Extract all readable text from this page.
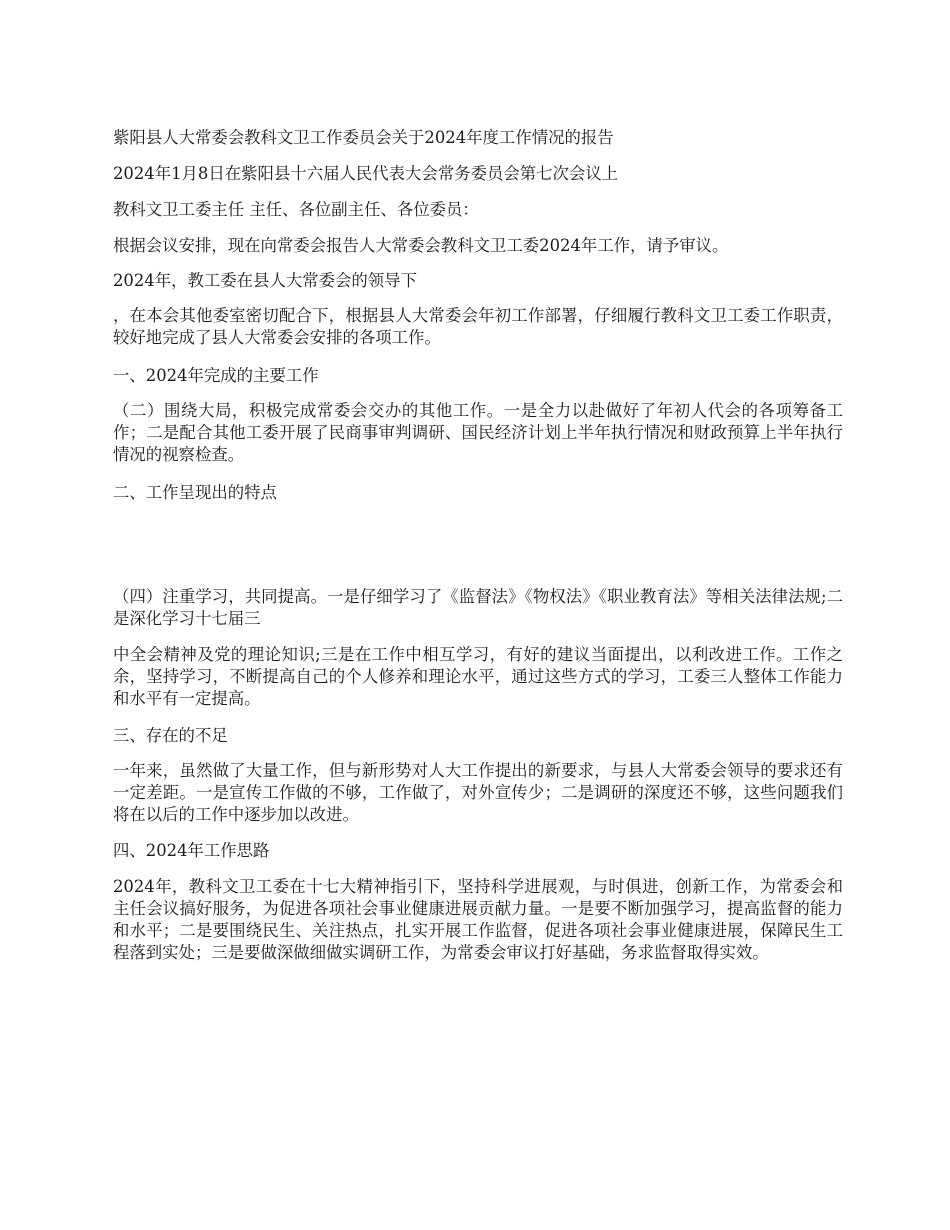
紫阳县人大常委会教科文卫工作委员会关于2024年度工作情况的报告

2024年1月8日在紫阳县十六届人民代表大会常务委员会第七次会议上

教科文卫工委主任 主任、各位副主任、各位委员：

根据会议安排，现在向常委会报告人大常委会教科文卫工委2024年工作，请予审议。

2024年，教工委在县人大常委会的领导下

，在本会其他委室密切配合下，根据县人大常委会年初工作部署，仔细履行教科文卫工委工作职责，较好地完成了县人大常委会安排的各项工作。

一、2024年完成的主要工作

（二）围绕大局，积极完成常委会交办的其他工作。一是全力以赴做好了年初人代会的各项筹备工作；二是配合其他工委开展了民商事审判调研、国民经济计划上半年执行情况和财政预算上半年执行情况的视察检查。

二、工作呈现出的特点

（四）注重学习，共同提高。一是仔细学习了《监督法》《物权法》《职业教育法》等相关法律法规;二是深化学习十七届三

中全会精神及党的理论知识;三是在工作中相互学习，有好的建议当面提出，以利改进工作。工作之余，坚持学习，不断提高自己的个人修养和理论水平，通过这些方式的学习，工委三人整体工作能力和水平有一定提高。

三、存在的不足

一年来，虽然做了大量工作，但与新形势对人大工作提出的新要求，与县人大常委会领导的要求还有一定差距。一是宣传工作做的不够，工作做了，对外宣传少；二是调研的深度还不够，这些问题我们将在以后的工作中逐步加以改进。

四、2024年工作思路

2024年，教科文卫工委在十七大精神指引下，坚持科学进展观，与时俱进，创新工作，为常委会和主任会议搞好服务，为促进各项社会事业健康进展贡献力量。一是要不断加强学习，提高监督的能力和水平；二是要围绕民生、关注热点，扎实开展工作监督，促进各项社会事业健康进展，保障民生工程落到实处；三是要做深做细做实调研工作，为常委会审议打好基础，务求监督取得实效。
